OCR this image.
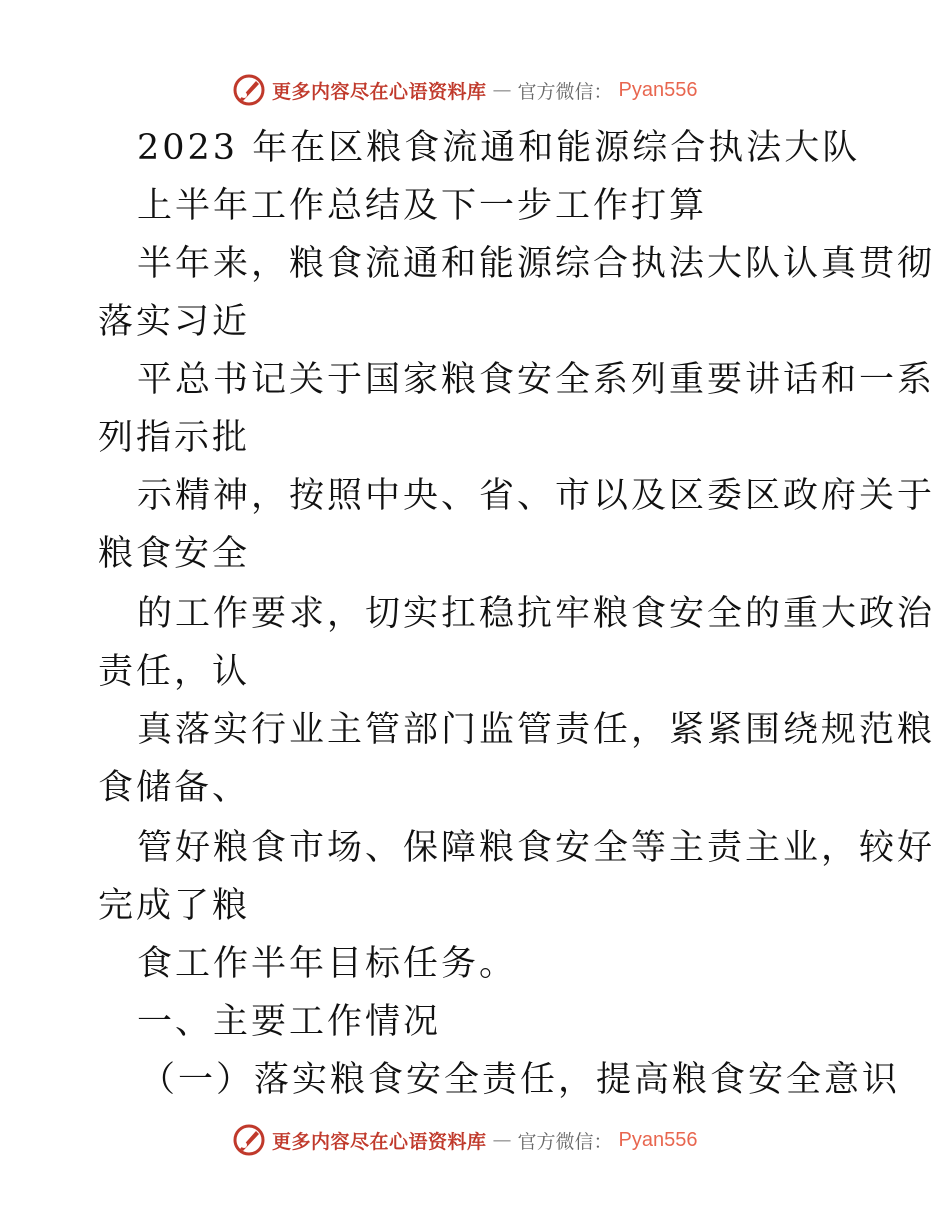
更多内容尽在心语资料库 — 官方微信： Pyan556
2023 年在区粮食流通和能源综合执法大队
上半年工作总结及下一步工作打算
半年来，粮食流通和能源综合执法大队认真贯彻
落实习近
平总书记关于国家粮食安全系列重要讲话和一系
列指示批
示精神，按照中央、省、市以及区委区政府关于
粮食安全
的工作要求，切实扛稳抗牢粮食安全的重大政治
责任，认
真落实行业主管部门监管责任，紧紧围绕规范粮
食储备、
管好粮食市场、保障粮食安全等主责主业，较好
完成了粮
食工作半年目标任务。
一、主要工作情况
（一）落实粮食安全责任，提高粮食安全意识
更多内容尽在心语资料库 — 官方微信： Pyan556
